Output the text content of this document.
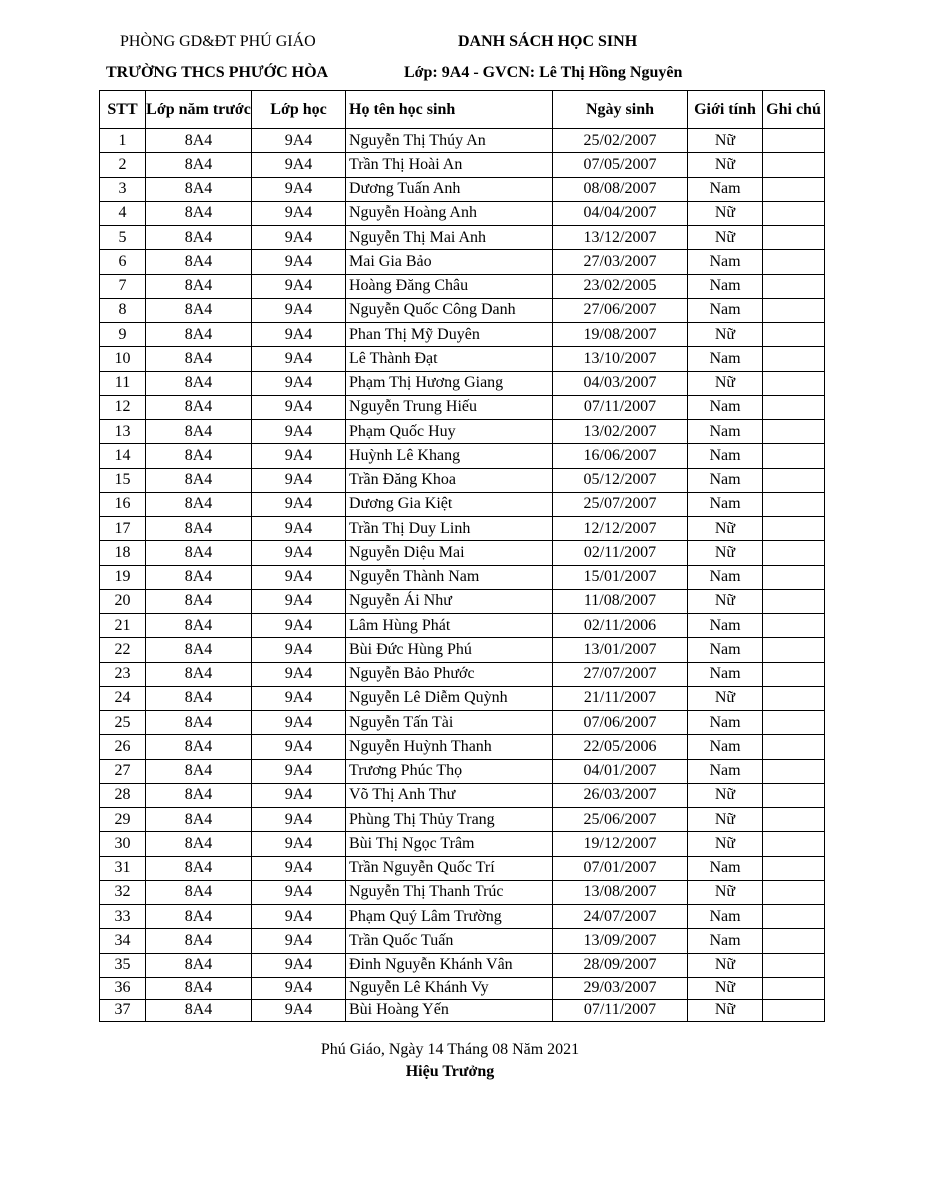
PHÒNG GD&ĐT PHÚ GIÁO
TRƯỜNG THCS PHƯỚC HÒA
DANH SÁCH HỌC SINH
Lớp: 9A4 - GVCN: Lê Thị Hồng Nguyên
STT	Lớp năm trước	Lớp học	Họ tên học sinh	Ngày sinh	Giới tính	Ghi chú
1	8A4	9A4	Nguyễn Thị Thúy An	25/02/2007	Nữ	
2	8A4	9A4	Trần Thị Hoài An	07/05/2007	Nữ	
3	8A4	9A4	Dương Tuấn Anh	08/08/2007	Nam	
4	8A4	9A4	Nguyễn Hoàng Anh	04/04/2007	Nữ	
5	8A4	9A4	Nguyễn Thị Mai Anh	13/12/2007	Nữ	
6	8A4	9A4	Mai Gia Bảo	27/03/2007	Nam	
7	8A4	9A4	Hoàng Đăng Châu	23/02/2005	Nam	
8	8A4	9A4	Nguyễn Quốc Công Danh	27/06/2007	Nam	
9	8A4	9A4	Phan Thị Mỹ Duyên	19/08/2007	Nữ	
10	8A4	9A4	Lê Thành Đạt	13/10/2007	Nam	
11	8A4	9A4	Phạm Thị Hương Giang	04/03/2007	Nữ	
12	8A4	9A4	Nguyễn Trung Hiếu	07/11/2007	Nam	
13	8A4	9A4	Phạm Quốc Huy	13/02/2007	Nam	
14	8A4	9A4	Huỳnh Lê Khang	16/06/2007	Nam	
15	8A4	9A4	Trần Đăng Khoa	05/12/2007	Nam	
16	8A4	9A4	Dương Gia Kiệt	25/07/2007	Nam	
17	8A4	9A4	Trần Thị Duy Linh	12/12/2007	Nữ	
18	8A4	9A4	Nguyễn Diệu Mai	02/11/2007	Nữ	
19	8A4	9A4	Nguyễn Thành Nam	15/01/2007	Nam	
20	8A4	9A4	Nguyễn Ái Như	11/08/2007	Nữ	
21	8A4	9A4	Lâm Hùng Phát	02/11/2006	Nam	
22	8A4	9A4	Bùi Đức Hùng Phú	13/01/2007	Nam	
23	8A4	9A4	Nguyễn Bảo Phước	27/07/2007	Nam	
24	8A4	9A4	Nguyễn Lê Diễm Quỳnh	21/11/2007	Nữ	
25	8A4	9A4	Nguyễn Tấn Tài	07/06/2007	Nam	
26	8A4	9A4	Nguyễn Huỳnh Thanh	22/05/2006	Nam	
27	8A4	9A4	Trương Phúc Thọ	04/01/2007	Nam	
28	8A4	9A4	Võ Thị Anh Thư	26/03/2007	Nữ	
29	8A4	9A4	Phùng Thị Thủy Trang	25/06/2007	Nữ	
30	8A4	9A4	Bùi Thị Ngọc Trâm	19/12/2007	Nữ	
31	8A4	9A4	Trần Nguyễn Quốc Trí	07/01/2007	Nam	
32	8A4	9A4	Nguyễn Thị Thanh Trúc	13/08/2007	Nữ	
33	8A4	9A4	Phạm Quý Lâm Trường	24/07/2007	Nam	
34	8A4	9A4	Trần Quốc Tuấn	13/09/2007	Nam	
35	8A4	9A4	Đinh Nguyễn Khánh Vân	28/09/2007	Nữ	
36	8A4	9A4	Nguyễn Lê Khánh Vy	29/03/2007	Nữ	
37	8A4	9A4	Bùi Hoàng Yến	07/11/2007	Nữ	
Phú Giáo, Ngày 14 Tháng 08 Năm 2021
Hiệu Trưởng
